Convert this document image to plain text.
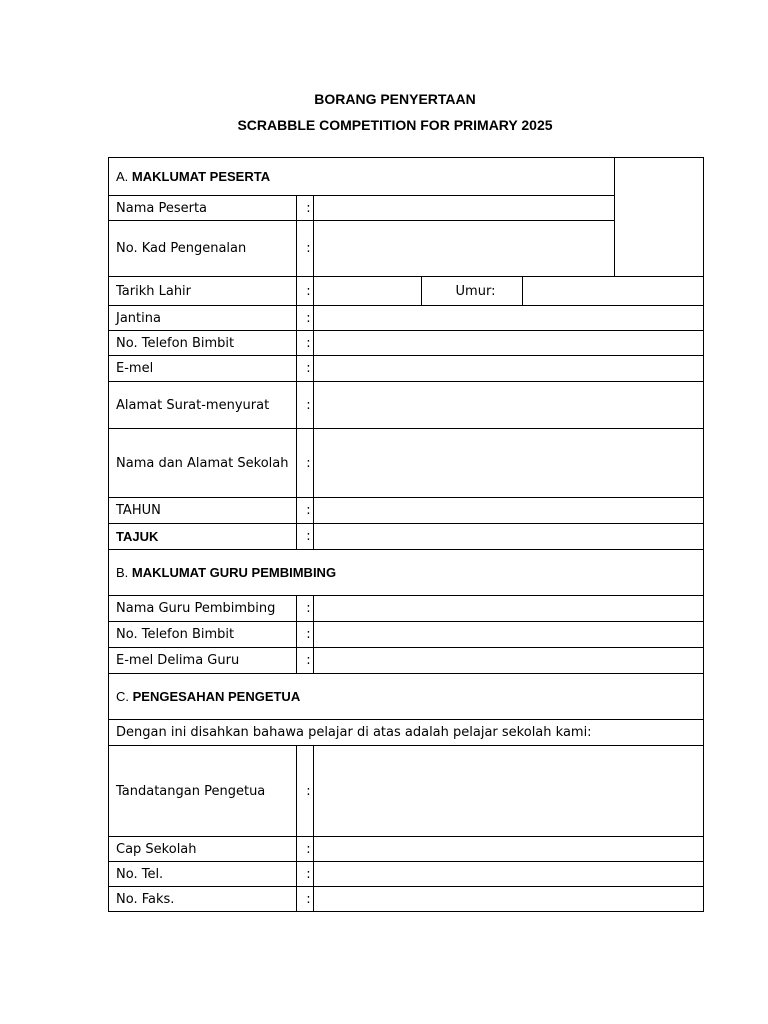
BORANG PENYERTAAN
SCRABBLE COMPETITION FOR PRIMARY 2025
A. MAKLUMAT PESERTA					
Nama Peserta	:				
No. Kad Pengenalan	:				
Tarikh Lahir	:		Umur:		
Jantina	:				
No. Telefon Bimbit	:				
E-mel	:				
Alamat Surat-menyurat	:				
Nama dan Alamat Sekolah	:				
TAHUN	:				
TAJUK	:				
B. MAKLUMAT GURU PEMBIMBING					
Nama Guru Pembimbing	:				
No. Telefon Bimbit	:				
E-mel Delima Guru	:				
C. PENGESAHAN PENGETUA					
Dengan ini disahkan bahawa pelajar di atas adalah pelajar sekolah kami:					
Tandatangan Pengetua	:				
Cap Sekolah	:				
No. Tel.	:				
No. Faks.	:				
